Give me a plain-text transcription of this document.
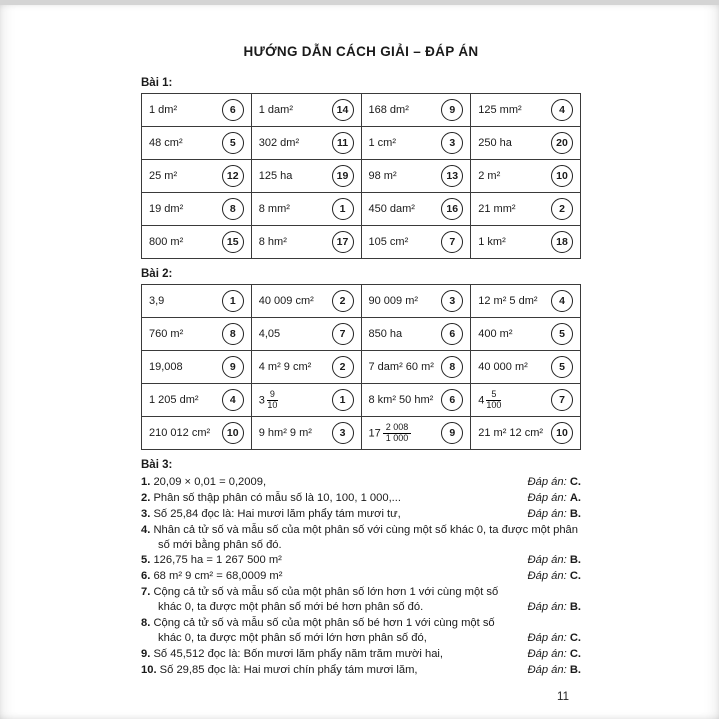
HƯỚNG DẪN CÁCH GIẢI – ĐÁP ÁN
Bài 1:
1 dm² 6	1 dam² 14	168 dm² 9	125 mm² 4

48 cm² 5	302 dm² 11	1 cm² 3	250 ha 20

25 m² 12	125 ha 19	98 m² 13	2 m² 10

19 dm² 8	8 mm² 1	450 dam² 16	21 mm² 2

800 m² 15	8 hm² 17	105 cm² 7	1 km² 18
Bài 2:
3,9 1	40 009 cm² 2	90 009 m² 3	12 m² 5 dm² 4

760 m² 8	4,05 7	850 ha 6	400 m² 5

19,008 9	4 m² 9 cm² 2	7 dam² 60 m² 8	40 000 m² 5

1 205 dm² 4	$3 \frac{9}{10} 1$	8 km² 50 hm² 6	$4 \frac{5}{100} 7$

210 012 cm² 10	9 hm² 9 m² 3	$17 \frac{2 008}{1 000} 9$	21 m² 12 cm² 10
Bài 3:
1. 20,09 × 0,01 = 0,2009,	Đáp án: C.
2. Phân số thập phân có mẫu số là 10, 100, 1 000,...	Đáp án: A.
3. Số 25,84 đọc là: Hai mươi lăm phẩy tám mươi tư,	Đáp án: B.
4. Nhân cả tử số và mẫu số của một phân số với cùng một số khác 0, ta được một phân số mới bằng phân số đó.
5. 126,75 ha = 1 267 500 m²	Đáp án: B.
6. 68 m² 9 cm² = 68,0009 m²	Đáp án: C.
7. Cộng cả tử số và mẫu số của một phân số lớn hơn 1 với cùng một số khác 0, ta được một phân số mới bé hơn phân số đó.	Đáp án: B.
8. Cộng cả tử số và mẫu số của một phân số bé hơn 1 với cùng một số khác 0, ta được một phân số mới lớn hơn phân số đó,	Đáp án: C.
9. Số 45,512 đọc là: Bốn mươi lăm phẩy năm trăm mười hai,	Đáp án: C.
10. Số 29,85 đọc là: Hai mươi chín phẩy tám mươi lăm,	Đáp án: B.
11
